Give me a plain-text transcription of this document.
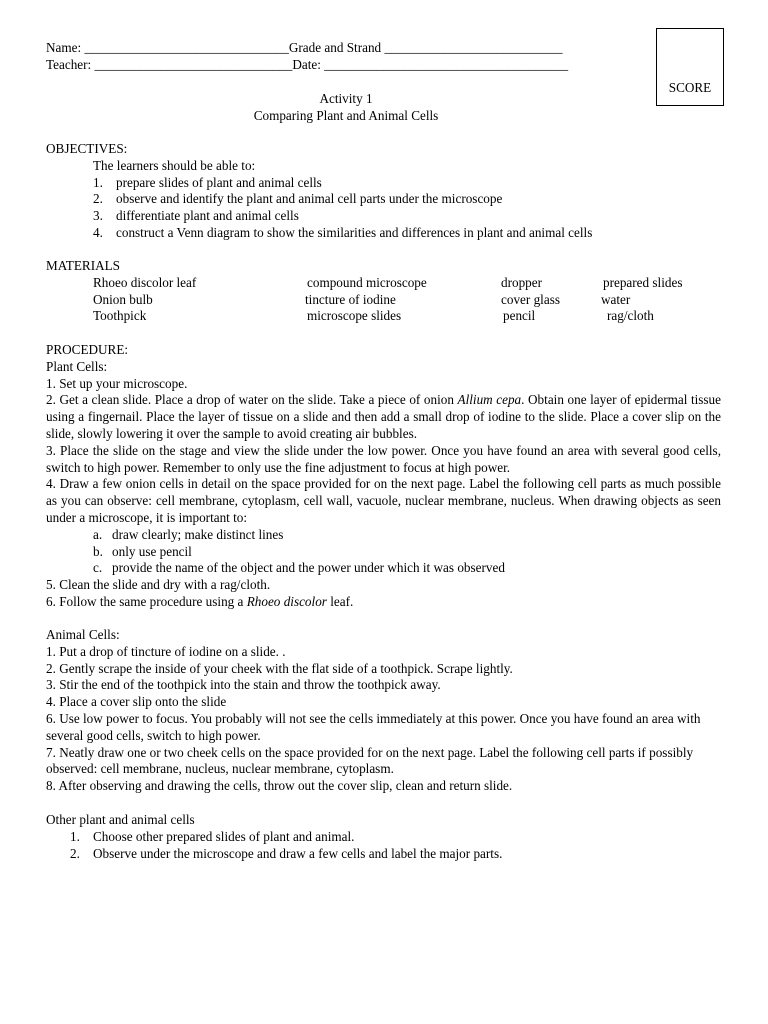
Name: _______________________________Grade and Strand ___________________________
Teacher: ______________________________Date: _____________________________________
SCORE
Activity 1
Comparing Plant and Animal Cells
OBJECTIVES:
The learners should be able to:
1. prepare slides of plant and animal cells
2. observe and identify the plant and animal cell parts under the microscope
3. differentiate plant and animal cells
4. construct a Venn diagram to show the similarities and differences in plant and animal cells
MATERIALS
Rhoeo discolor leaf	compound microscope	dropper	prepared slides
Onion bulb	tincture of iodine	cover glass	water
Toothpick	microscope slides	pencil	rag/cloth
PROCEDURE:
Plant Cells:
1. Set up your microscope.
2. Get a clean slide. Place a drop of water on the slide. Take a piece of onion Allium cepa. Obtain one layer of epidermal tissue using a fingernail. Place the layer of tissue on a slide and then add a small drop of iodine to the slide. Place a cover slip on the slide, slowly lowering it over the sample to avoid creating air bubbles.
3. Place the slide on the stage and view the slide under the low power. Once you have found an area with several good cells, switch to high power. Remember to only use the fine adjustment to focus at high power.
4. Draw a few onion cells in detail on the space provided for on the next page. Label the following cell parts as much possible as you can observe: cell membrane, cytoplasm, cell wall, vacuole, nuclear membrane, nucleus. When drawing objects as seen under a microscope, it is important to:
a. draw clearly; make distinct lines
b. only use pencil
c. provide the name of the object and the power under which it was observed
5. Clean the slide and dry with a rag/cloth.
6. Follow the same procedure using a Rhoeo discolor leaf.
Animal Cells:
1. Put a drop of tincture of iodine on a slide. .
2. Gently scrape the inside of your cheek with the flat side of a toothpick. Scrape lightly.
3. Stir the end of the toothpick into the stain and throw the toothpick away.
4. Place a cover slip onto the slide
6. Use low power to focus. You probably will not see the cells immediately at this power. Once you have found an area with several good cells, switch to high power.
7. Neatly draw one or two cheek cells on the space provided for on the next page. Label the following cell parts if possibly observed: cell membrane, nucleus, nuclear membrane, cytoplasm.
8. After observing and drawing the cells, throw out the cover slip, clean and return slide.
Other plant and animal cells
1. Choose other prepared slides of plant and animal.
2. Observe under the microscope and draw a few cells and label the major parts.
